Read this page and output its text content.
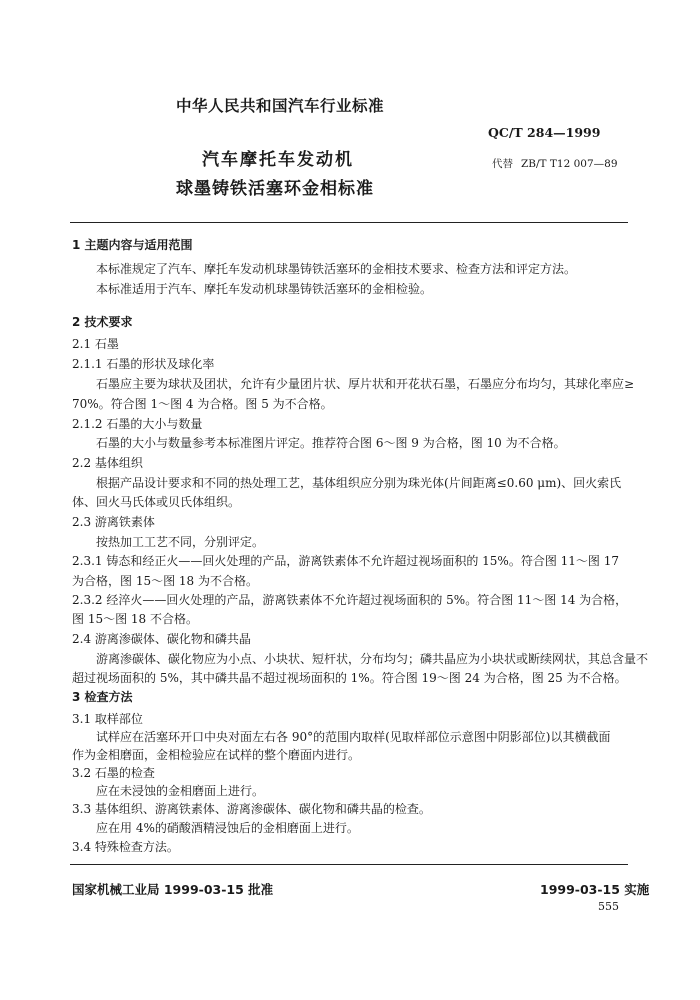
中华人民共和国汽车行业标准
QC/T 284—1999
汽车摩托车发动机	代替 ZB/T T12 007—89
球墨铸铁活塞环金相标准
1 主题内容与适用范围
本标准规定了汽车、摩托车发动机球墨铸铁活塞环的金相技术要求、检查方法和评定方法。
本标准适用于汽车、摩托车发动机球墨铸铁活塞环的金相检验。
2 技术要求
2.1 石墨
2.1.1 石墨的形状及球化率
石墨应主要为球状及团状，允许有少量团片状、厚片状和开花状石墨，石墨应分布均匀，其球化率应≥
70%。符合图 1～图 4 为合格。图 5 为不合格。
2.1.2 石墨的大小与数量
石墨的大小与数量参考本标准图片评定。推荐符合图 6～图 9 为合格，图 10 为不合格。
2.2 基体组织
根据产品设计要求和不同的热处理工艺，基体组织应分别为珠光体(片间距离≤0.60 μm)、回火索氏
体、回火马氏体或贝氏体组织。
2.3 游离铁素体
按热加工工艺不同，分别评定。
2.3.1 铸态和经正火——回火处理的产品，游离铁素体不允许超过视场面积的 15%。符合图 11～图 17
为合格，图 15～图 18 为不合格。
2.3.2 经淬火——回火处理的产品，游离铁素体不允许超过视场面积的 5%。符合图 11～图 14 为合格，
图 15～图 18 不合格。
2.4 游离渗碳体、碳化物和磷共晶
游离渗碳体、碳化物应为小点、小块状、短杆状，分布均匀；磷共晶应为小块状或断续网状，其总含量不
超过视场面积的 5%，其中磷共晶不超过视场面积的 1%。符合图 19～图 24 为合格，图 25 为不合格。
3 检查方法
3.1 取样部位
试样应在活塞环开口中央对面左右各 90°的范围内取样(见取样部位示意图中阴影部位)以其横截面
作为金相磨面，金相检验应在试样的整个磨面内进行。
3.2 石墨的检查
应在未浸蚀的金相磨面上进行。
3.3 基体组织、游离铁素体、游离渗碳体、碳化物和磷共晶的检查。
应在用 4%的硝酸酒精浸蚀后的金相磨面上进行。
国家机械工业局 1999-03-15 批准	1999-03-15 实施
555
3.4 特殊检查方法。
